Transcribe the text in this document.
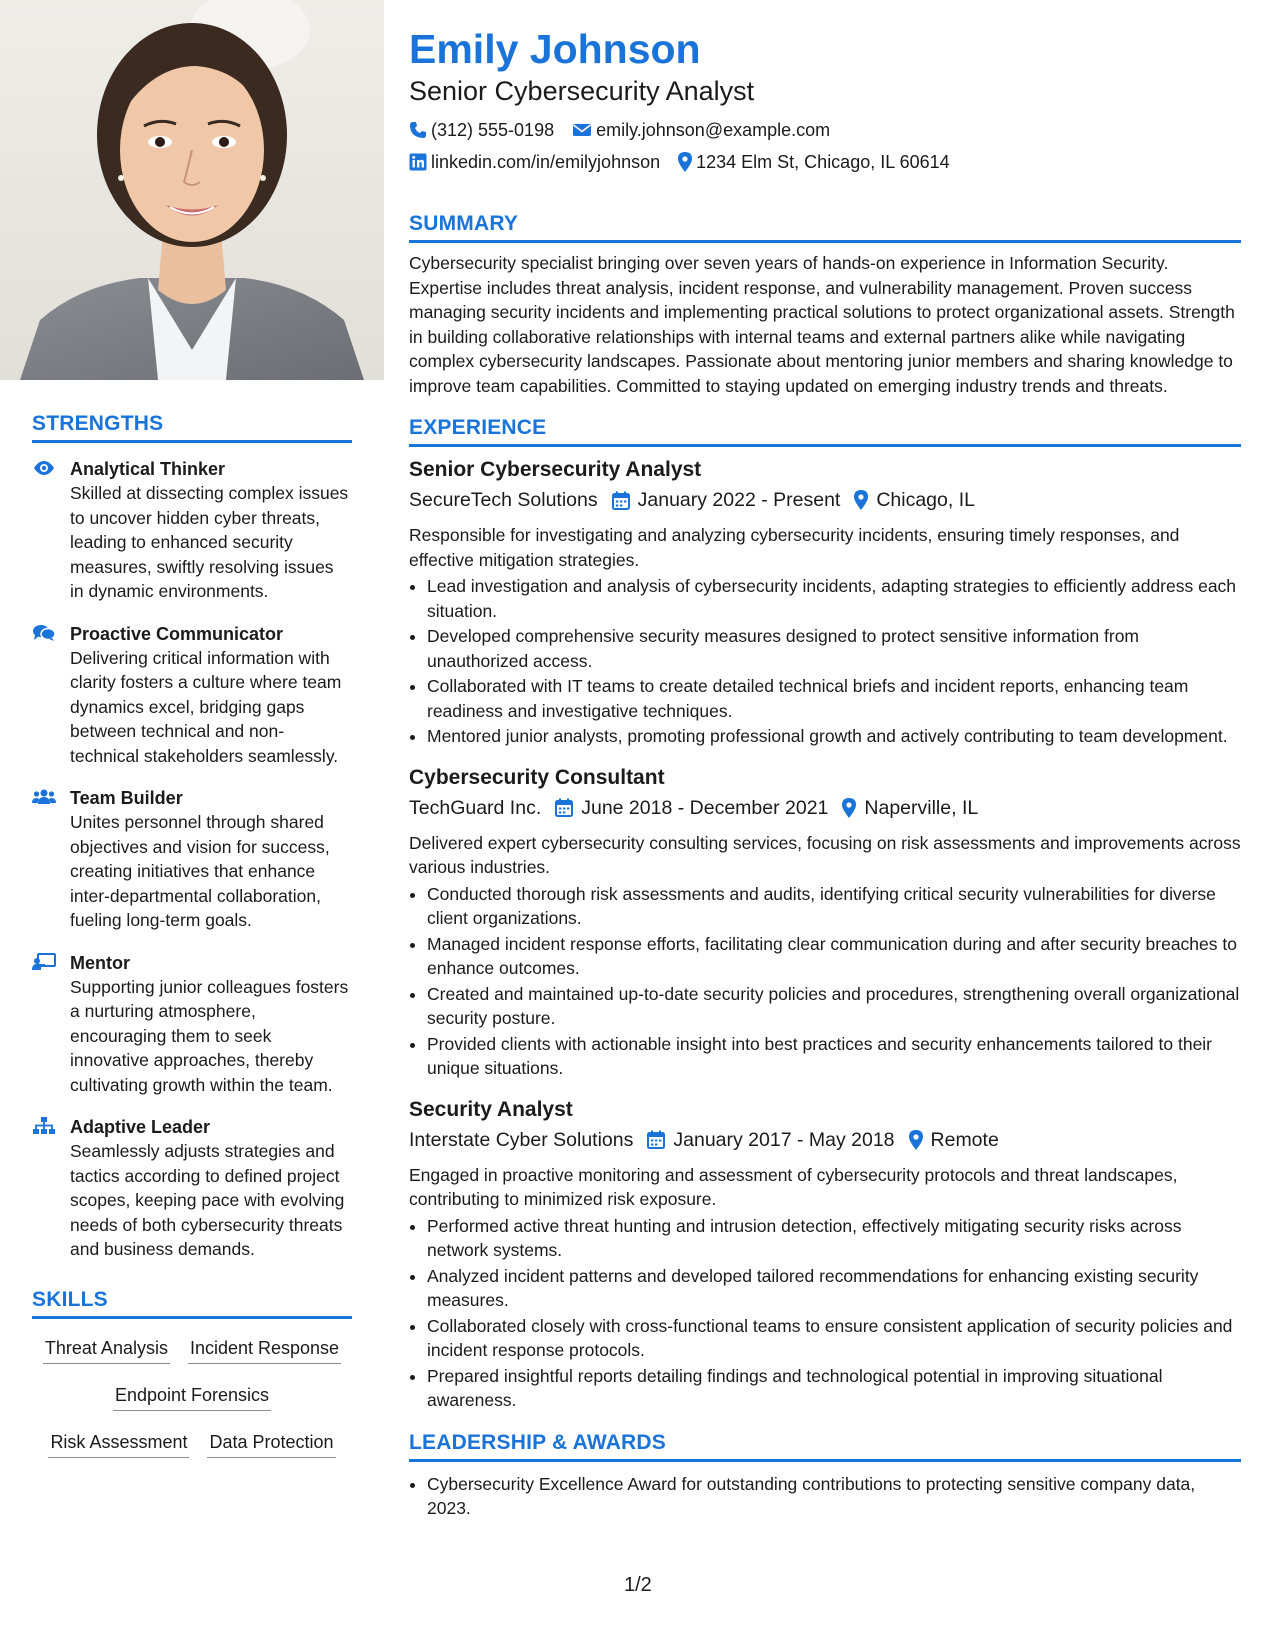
STRENGTHS
Analytical Thinker
Skilled at dissecting complex issues to uncover hidden cyber threats, leading to enhanced security measures, swiftly resolving issues in dynamic environments.
Proactive Communicator
Delivering critical information with clarity fosters a culture where team dynamics excel, bridging gaps between technical and non-technical stakeholders seamlessly.
Team Builder
Unites personnel through shared objectives and vision for success, creating initiatives that enhance inter-departmental collaboration, fueling long-term goals.
Mentor
Supporting junior colleagues fosters a nurturing atmosphere, encouraging them to seek innovative approaches, thereby cultivating growth within the team.
Adaptive Leader
Seamlessly adjusts strategies and tactics according to defined project scopes, keeping pace with evolving needs of both cybersecurity threats and business demands.
SKILLS
Threat Analysis Incident Response
Endpoint Forensics
Risk Assessment Data Protection
Emily Johnson
Senior Cybersecurity Analyst
(312) 555-0198 emily.johnson@example.com
linkedin.com/in/emilyjohnson 1234 Elm St, Chicago, IL 60614
SUMMARY

Cybersecurity specialist bringing over seven years of hands-on experience in Information Security. Expertise includes threat analysis, incident response, and vulnerability management. Proven success managing security incidents and implementing practical solutions to protect organizational assets. Strength in building collaborative relationships with internal teams and external partners alike while navigating complex cybersecurity landscapes. Passionate about mentoring junior members and sharing knowledge to improve team capabilities. Committed to staying updated on emerging industry trends and threats.

EXPERIENCE
Senior Cybersecurity Analyst
SecureTech Solutions January 2022 - Present Chicago, IL

Responsible for investigating and analyzing cybersecurity incidents, ensuring timely responses, and effective mitigation strategies.

• Lead investigation and analysis of cybersecurity incidents, adapting strategies to efficiently address each situation.
• Developed comprehensive security measures designed to protect sensitive information from unauthorized access.
• Collaborated with IT teams to create detailed technical briefs and incident reports, enhancing team readiness and investigative techniques.
• Mentored junior analysts, promoting professional growth and actively contributing to team development.
Cybersecurity Consultant
TechGuard Inc. June 2018 - December 2021 Naperville, IL

Delivered expert cybersecurity consulting services, focusing on risk assessments and improvements across various industries.

• Conducted thorough risk assessments and audits, identifying critical security vulnerabilities for diverse client organizations.
• Managed incident response efforts, facilitating clear communication during and after security breaches to enhance outcomes.
• Created and maintained up-to-date security policies and procedures, strengthening overall organizational security posture.
• Provided clients with actionable insight into best practices and security enhancements tailored to their unique situations.
Security Analyst
Interstate Cyber Solutions January 2017 - May 2018 Remote

Engaged in proactive monitoring and assessment of cybersecurity protocols and threat landscapes, contributing to minimized risk exposure.

• Performed active threat hunting and intrusion detection, effectively mitigating security risks across network systems.
• Analyzed incident patterns and developed tailored recommendations for enhancing existing security measures.
• Collaborated closely with cross-functional teams to ensure consistent application of security policies and incident response protocols.
• Prepared insightful reports detailing findings and technological potential in improving situational awareness.
LEADERSHIP & AWARDS
• Cybersecurity Excellence Award for outstanding contributions to protecting sensitive company data, 2023.
1/2
